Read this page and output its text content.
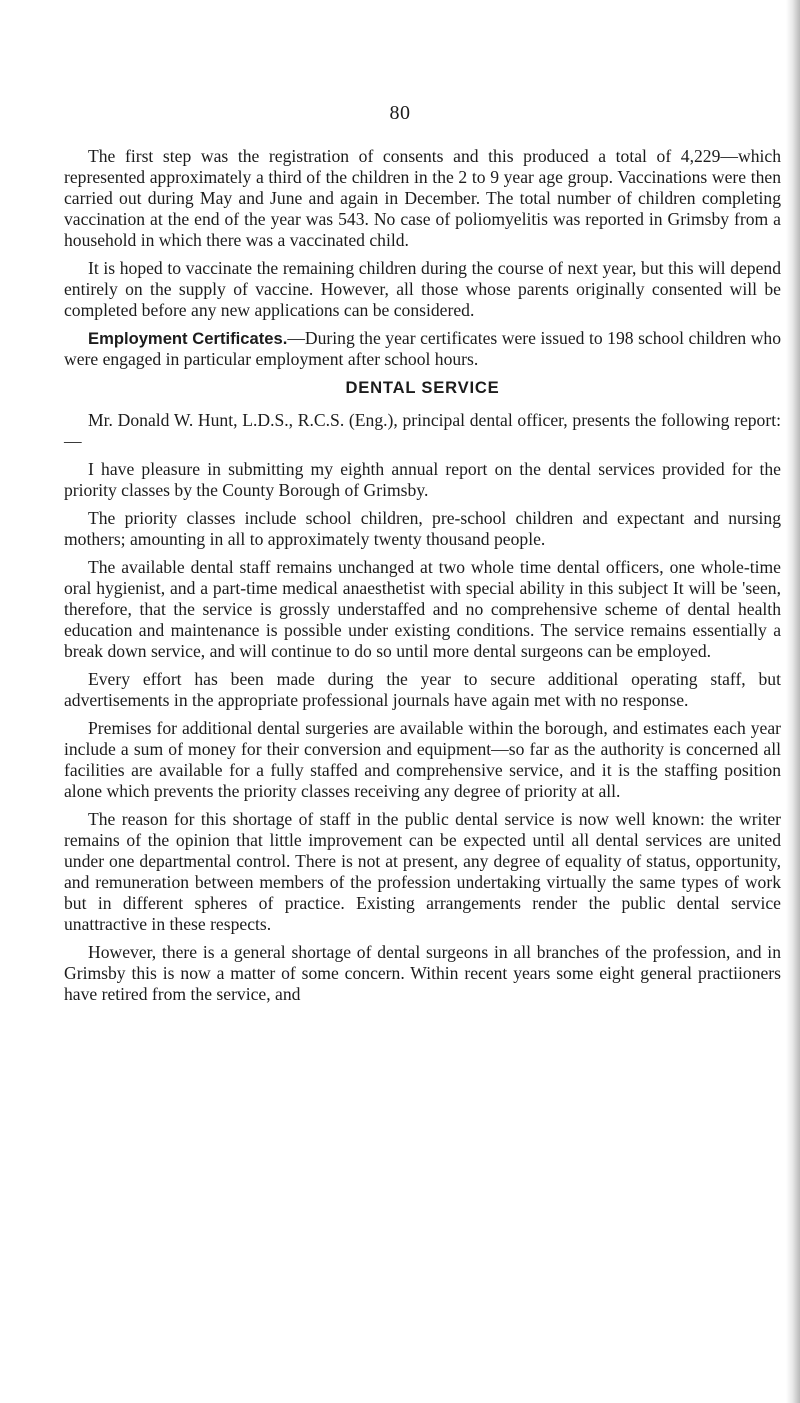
80

The first step was the registration of consents and this produced a total of 4,229—which represented approximately a third of the children in the 2 to 9 year age group. Vaccinations were then carried out during May and June and again in December. The total number of children completing vaccination at the end of the year was 543. No case of poliomyelitis was reported in Grimsby from a household in which there was a vaccinated child.

It is hoped to vaccinate the remaining children during the course of next year, but this will depend entirely on the supply of vaccine. However, all those whose parents originally consented will be completed before any new applications can be considered.

Employment Certificates.—During the year certificates were issued to 198 school children who were engaged in particular employment after school hours.

DENTAL SERVICE

Mr. Donald W. Hunt, L.D.S., R.C.S. (Eng.), principal dental officer, presents the following report:—

I have pleasure in submitting my eighth annual report on the dental services provided for the priority classes by the County Borough of Grimsby.

The priority classes include school children, pre-school children and expectant and nursing mothers; amounting in all to approximately twenty thousand people.

The available dental staff remains unchanged at two whole time dental officers, one whole-time oral hygienist, and a part-time medical anaesthetist with special ability in this subject It will be 'seen, therefore, that the service is grossly understaffed and no comprehensive scheme of dental health education and maintenance is possible under existing conditions. The service remains essentially a break down service, and will continue to do so until more dental surgeons can be employed.

Every effort has been made during the year to secure additional operating staff, but advertisements in the appropriate professional journals have again met with no response.

Premises for additional dental surgeries are available within the borough, and estimates each year include a sum of money for their conversion and equipment—so far as the authority is concerned all facilities are available for a fully staffed and comprehensive service, and it is the staffing position alone which prevents the priority classes receiving any degree of priority at all.

The reason for this shortage of staff in the public dental service is now well known: the writer remains of the opinion that little improvement can be expected until all dental services are united under one departmental control. There is not at present, any degree of equality of status, opportunity, and remuneration between members of the profession undertaking virtually the same types of work but in different spheres of practice. Existing arrangements render the public dental service unattractive in these respects.

However, there is a general shortage of dental surgeons in all branches of the profession, and in Grimsby this is now a matter of some concern. Within recent years some eight general practiioners have retired from the service, and
